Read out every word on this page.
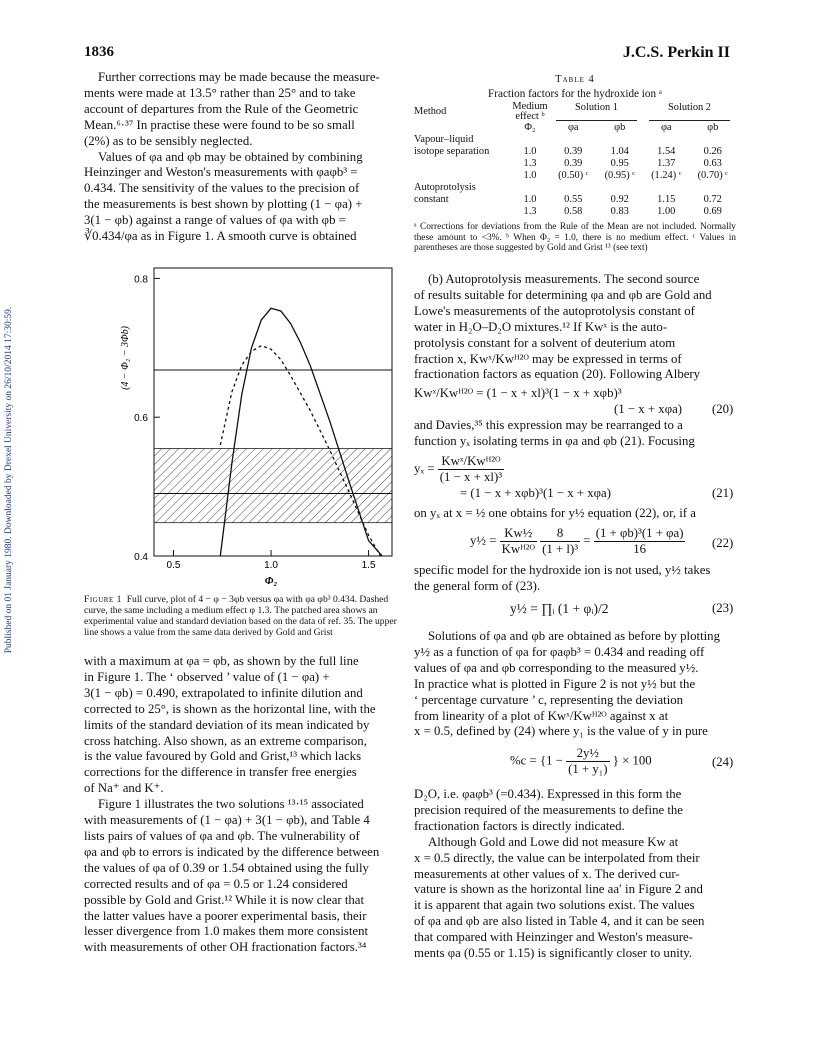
Published on 01 January 1980. Downloaded by Drexel University on 26/10/2014 17:30:59.
1836	J.C.S. Perkin II

Further corrections may be made because the measure-

ments were made at 13.5° rather than 25° and to take

account of departures from the Rule of the Geometric

Mean.⁶·³⁷ In practise these were found to be so small

(2%) as to be sensibly neglected.

Values of φa and φb may be obtained by combining

Heinzinger and Weston's measurements with φaφb³ =

0.434. The sensitivity of the values to the precision of

the measurements is best shown by plotting (1 − φa) +

3(1 − φb) against a range of values of φa with φb =

∛0.434/φa as in Figure 1. A smooth curve is obtained

0.8
0.6
0.4
0.5	1.0	1.5
Φ₂
(4 − Φ₂ − 3Φb)
Figure 1 Full curve, plot of 4 − φ − 3φb versus φa with φa φb³ 0.434. Dashed curve, the same including a medium effect φ 1.3. The patched area shows an experimental value and standard deviation based on the data of ref. 35. The upper line shows a value from the same data derived by Gold and Grist

with a maximum at φa = φb, as shown by the full line

in Figure 1. The ‘ observed ’ value of (1 − φa) +

3(1 − φb) = 0.490, extrapolated to infinite dilution and

corrected to 25°, is shown as the horizontal line, with the

limits of the standard deviation of its mean indicated by

cross hatching. Also shown, as an extreme comparison,

is the value favoured by Gold and Grist,¹³ which lacks

corrections for the difference in transfer free energies

of Na⁺ and K⁺.

Figure 1 illustrates the two solutions ¹³·¹⁵ associated

with measurements of (1 − φa) + 3(1 − φb), and Table 4

lists pairs of values of φa and φb. The vulnerability of

φa and φb to errors is indicated by the difference between

the values of φa of 0.39 or 1.54 obtained using the fully

corrected results and of φa = 0.5 or 1.24 considered

possible by Gold and Grist.¹² While it is now clear that

the latter values have a poorer experimental basis, their

lesser divergence from 1.0 makes them more consistent

with measurements of other OH fractionation factors.³⁴

Table 4
Fraction factors for the hydroxide ion ᵃ
Method	Medium effect ᵇ	Solution 1		Solution 2	

	Φ₂	φa	φb	φa	φb
Vapour–liquid					
isotope separation	1.0	0.39	1.04	1.54	0.26
	1.3	0.39	0.95	1.37	0.63
	1.0	(0.50) ᶜ	(0.95) ᶜ	(1.24) ᶜ	(0.70) ᶜ
Autoprotolysis					
constant	1.0	0.55	0.92	1.15	0.72
	1.3	0.58	0.83	1.00	0.69
ᵃ Corrections for deviations from the Rule of the Mean are not included. Normally these amount to <3%. ᵇ When Φ₂ = 1.0, there is no medium effect. ᶜ Values in parentheses are those suggested by Gold and Grist ¹³ (see text)

(b) Autoprotolysis measurements. The second source

of results suitable for determining φa and φb are Gold and

Lowe's measurements of the autoprotolysis constant of

water in H₂O–D₂O mixtures.¹² If Kwˣ is the auto-

protolysis constant for a solvent of deuterium atom

fraction x, Kwˣ/Kwᴴ²ᴼ may be expressed in terms of

fractionation factors as equation (20). Following Albery

Kwˣ/Kwᴴ²ᴼ = (1 − x + xl)³(1 − x + xφb)³
(1 − x + xφa) (20)

and Davies,³⁵ this expression may be rearranged to a

function yₓ isolating terms in φa and φb (21). Focusing

$y_x = \frac{\text{Kwˣ/Kwᴴ²ᴼ}}{\text{(1 − x + xl)³}}$
= (1 − x + xφb)³(1 − x + xφa)	(21)
on yₓ at x = ½ one obtains for y½ equation (22), or, if a
y½ = $\frac{\text{Kw½}}{\text{Kwᴴ²ᴼ}}$
$\frac{8}{\text{(1 + l)³}} = \frac{\text{(1 + φb)³(1 + φa)}}{16} (22)$

specific model for the hydroxide ion is not used, y½ takes

the general form of (23).

y½ = ∏ᵢ (1 + φᵢ)/2	(23)

Solutions of φa and φb are obtained as before by plotting

y½ as a function of φa for φaφb³ = 0.434 and reading off

values of φa and φb corresponding to the measured y½.

In practice what is plotted in Figure 2 is not y½ but the

‘ percentage curvature ’ c, representing the deviation

from linearity of a plot of Kwˣ/Kwᴴ²ᴼ against x at

x = 0.5, defined by (24) where y₁ is the value of y in pure

$\%c = \{1 - \frac{\text{2y½}}{\text{(1 + y₁)}}$ } × 100	(24)

D₂O, i.e. φaφb³ (=0.434). Expressed in this form the

precision required of the measurements to define the

fractionation factors is directly indicated.

Although Gold and Lowe did not measure Kw at

x = 0.5 directly, the value can be interpolated from their

measurements at other values of x. The derived cur-

vature is shown as the horizontal line aa′ in Figure 2 and

it is apparent that again two solutions exist. The values

of φa and φb are also listed in Table 4, and it can be seen

that compared with Heinzinger and Weston's measure-

ments φa (0.55 or 1.15) is significantly closer to unity.
